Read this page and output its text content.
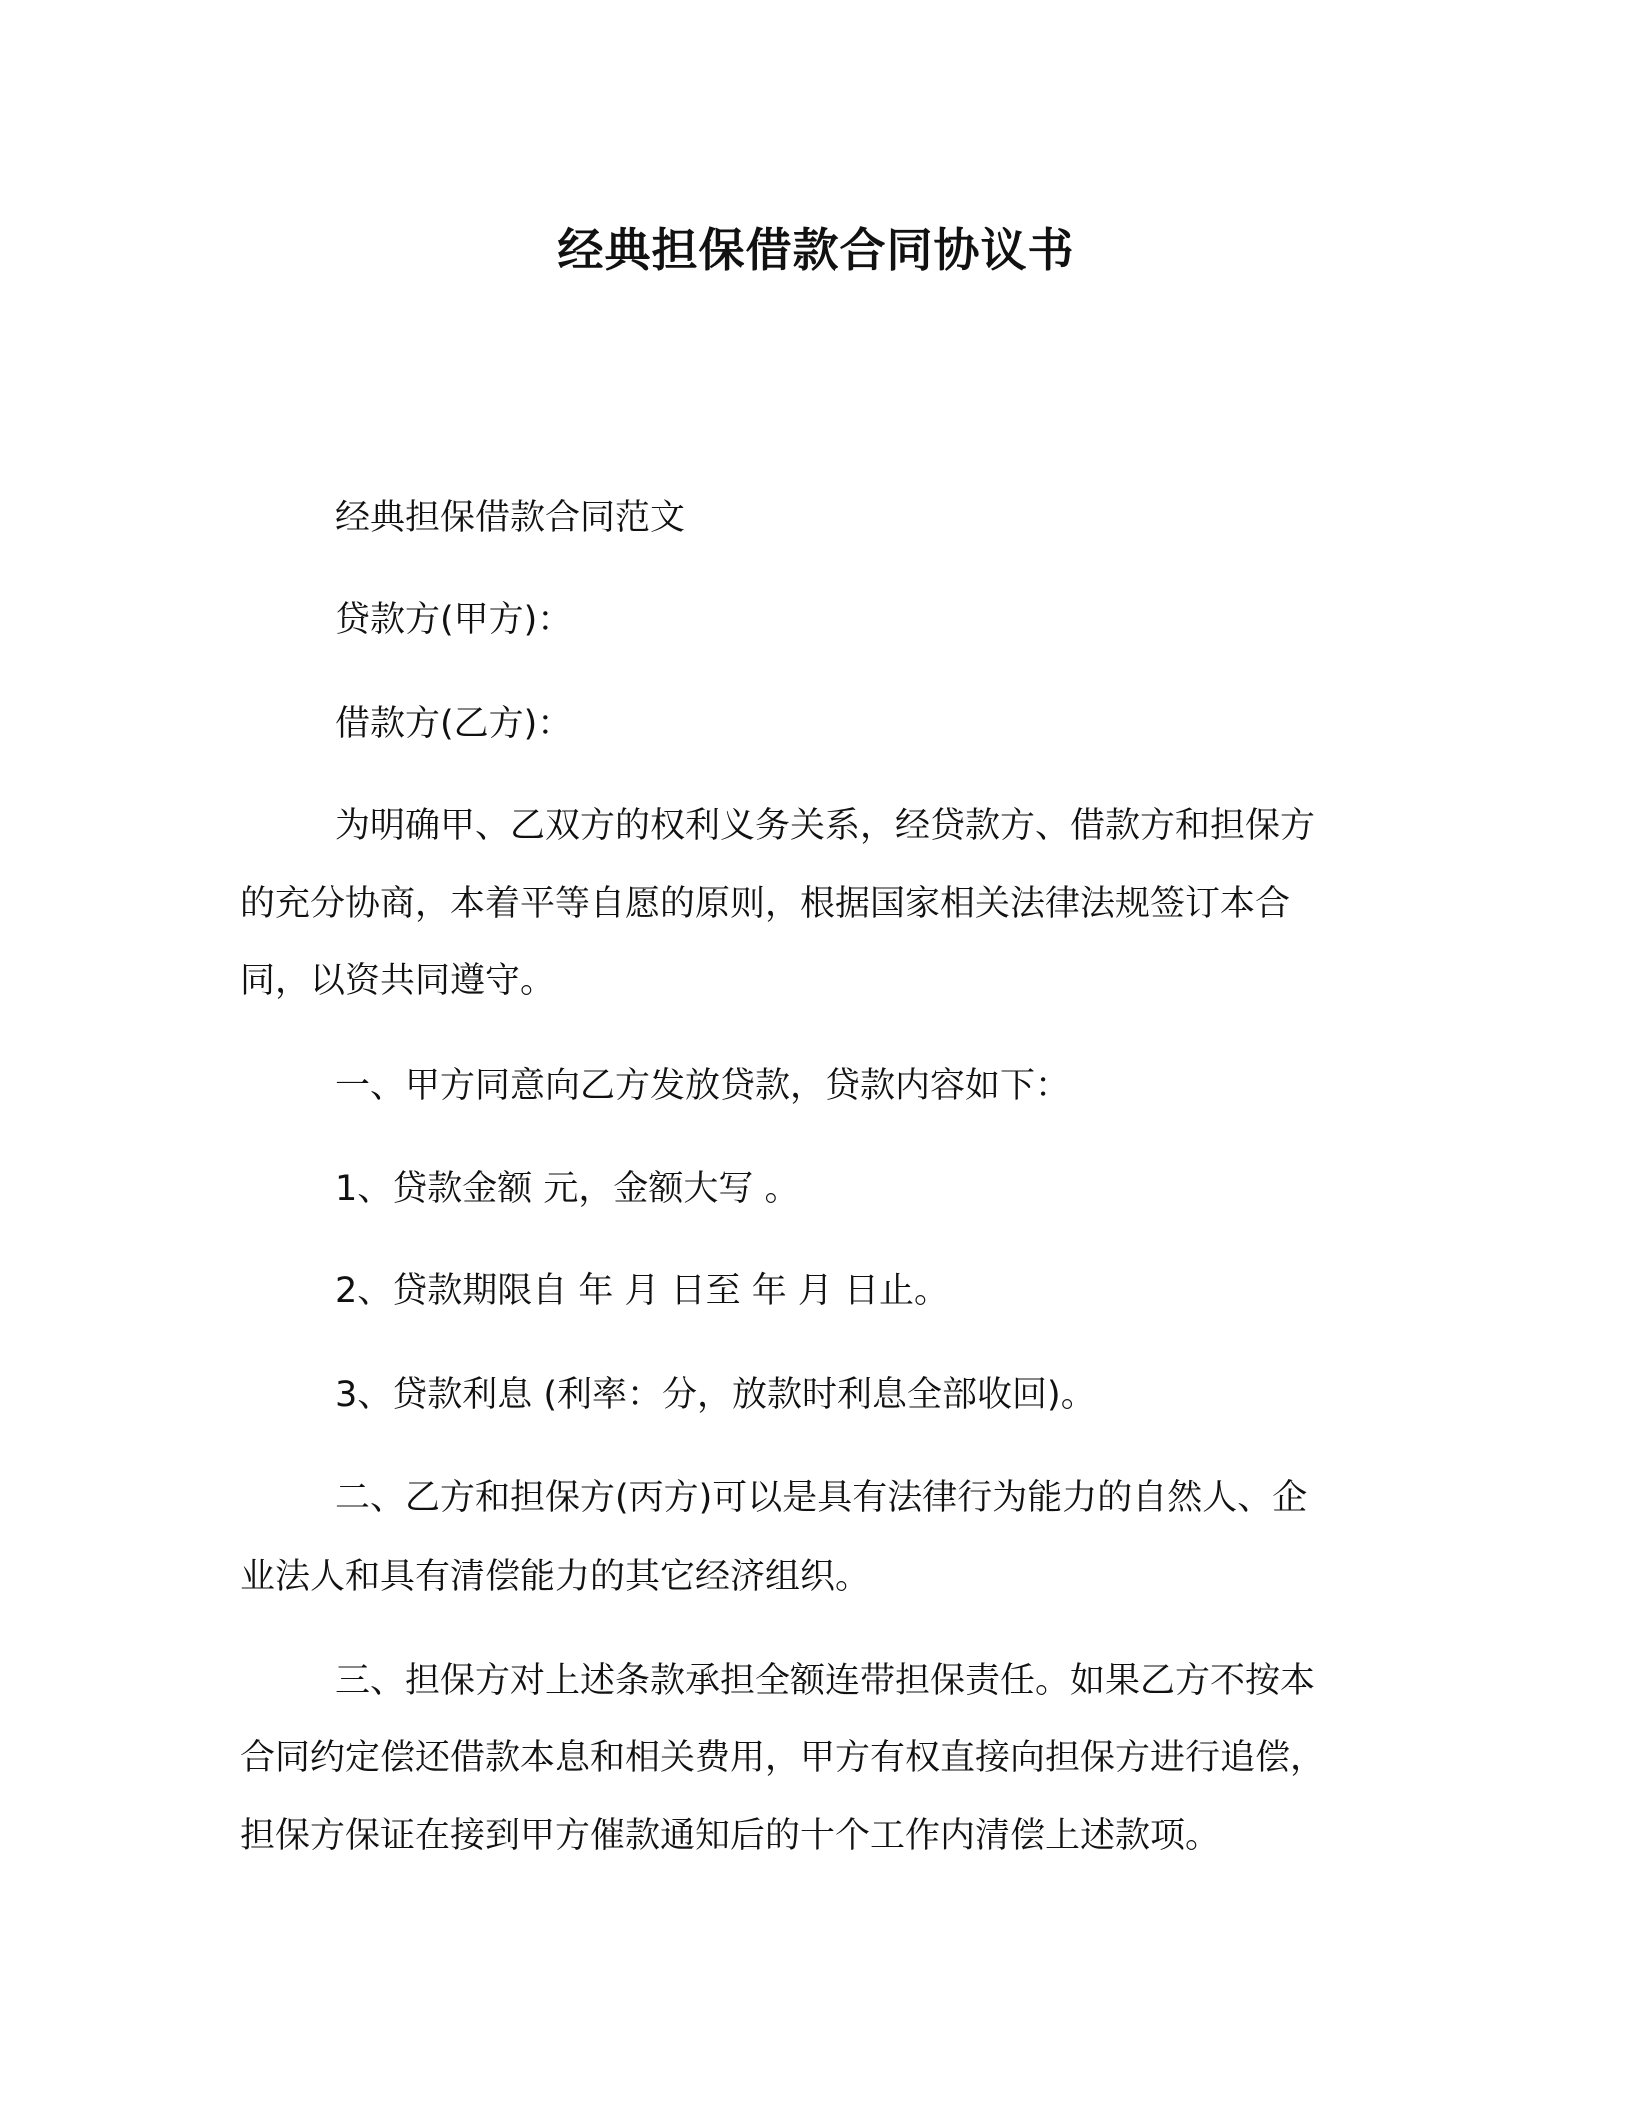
经典担保借款合同协议书

经典担保借款合同范文

贷款方(甲方)：

借款方(乙方)：

为明确甲、乙双方的权利义务关系，经贷款方、借款方和担保方

的充分协商，本着平等自愿的原则，根据国家相关法律法规签订本合

同，以资共同遵守。

一、甲方同意向乙方发放贷款，贷款内容如下：

1、贷款金额 元，金额大写 。

2、贷款期限自 年 月 日至 年 月 日止。

3、贷款利息 (利率：分，放款时利息全部收回)。

二、乙方和担保方(丙方)可以是具有法律行为能力的自然人、企

业法人和具有清偿能力的其它经济组织。

三、担保方对上述条款承担全额连带担保责任。如果乙方不按本

合同约定偿还借款本息和相关费用，甲方有权直接向担保方进行追偿，

担保方保证在接到甲方催款通知后的十个工作内清偿上述款项。
